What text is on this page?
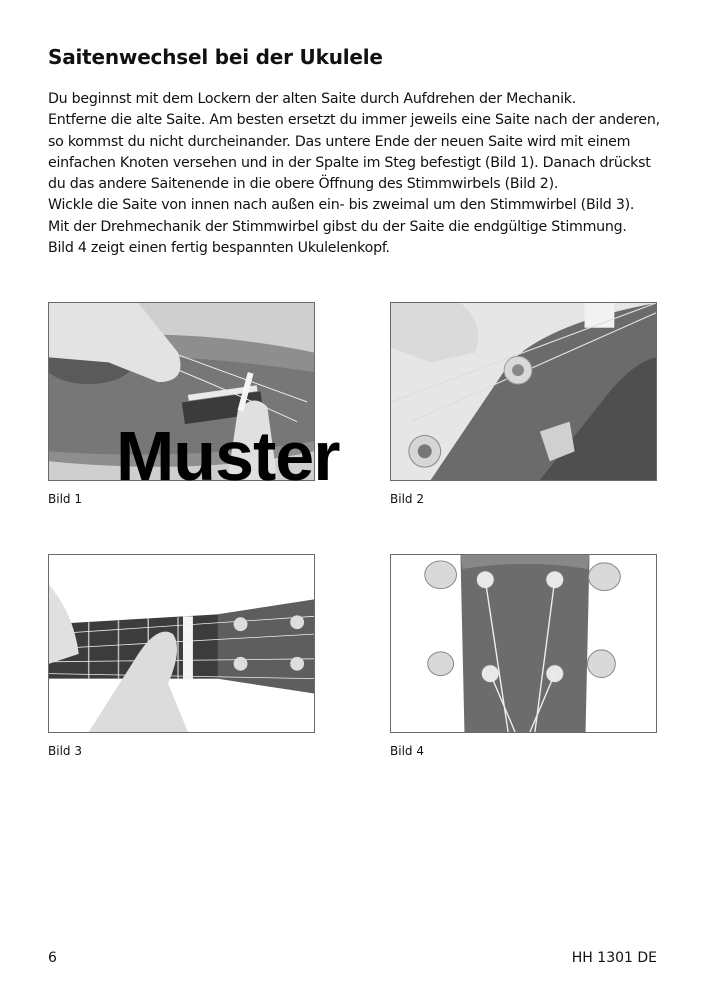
Saitenwechsel bei der Ukulele
Du beginnst mit dem Lockern der alten Saite durch Aufdrehen der Mechanik.
Entferne die alte Saite. Am besten ersetzt du immer jeweils eine Saite nach der anderen,
so kommst du nicht durcheinander. Das untere Ende der neuen Saite wird mit einem
einfachen Knoten versehen und in der Spalte im Steg befestigt (Bild 1). Danach drückst
du das andere Saitenende in die obere Öffnung des Stimmwirbels (Bild 2).
Wickle die Saite von innen nach außen ein- bis zweimal um den Stimmwirbel (Bild 3).
Mit der Drehmechanik der Stimmwirbel gibst du der Saite die endgültige Stimmung.
Bild 4 zeigt einen fertig bespannten Ukulelenkopf.
Bild 1	Bild 2
Bild 3	Bild 4
Muster
6	HH 1301 DE
